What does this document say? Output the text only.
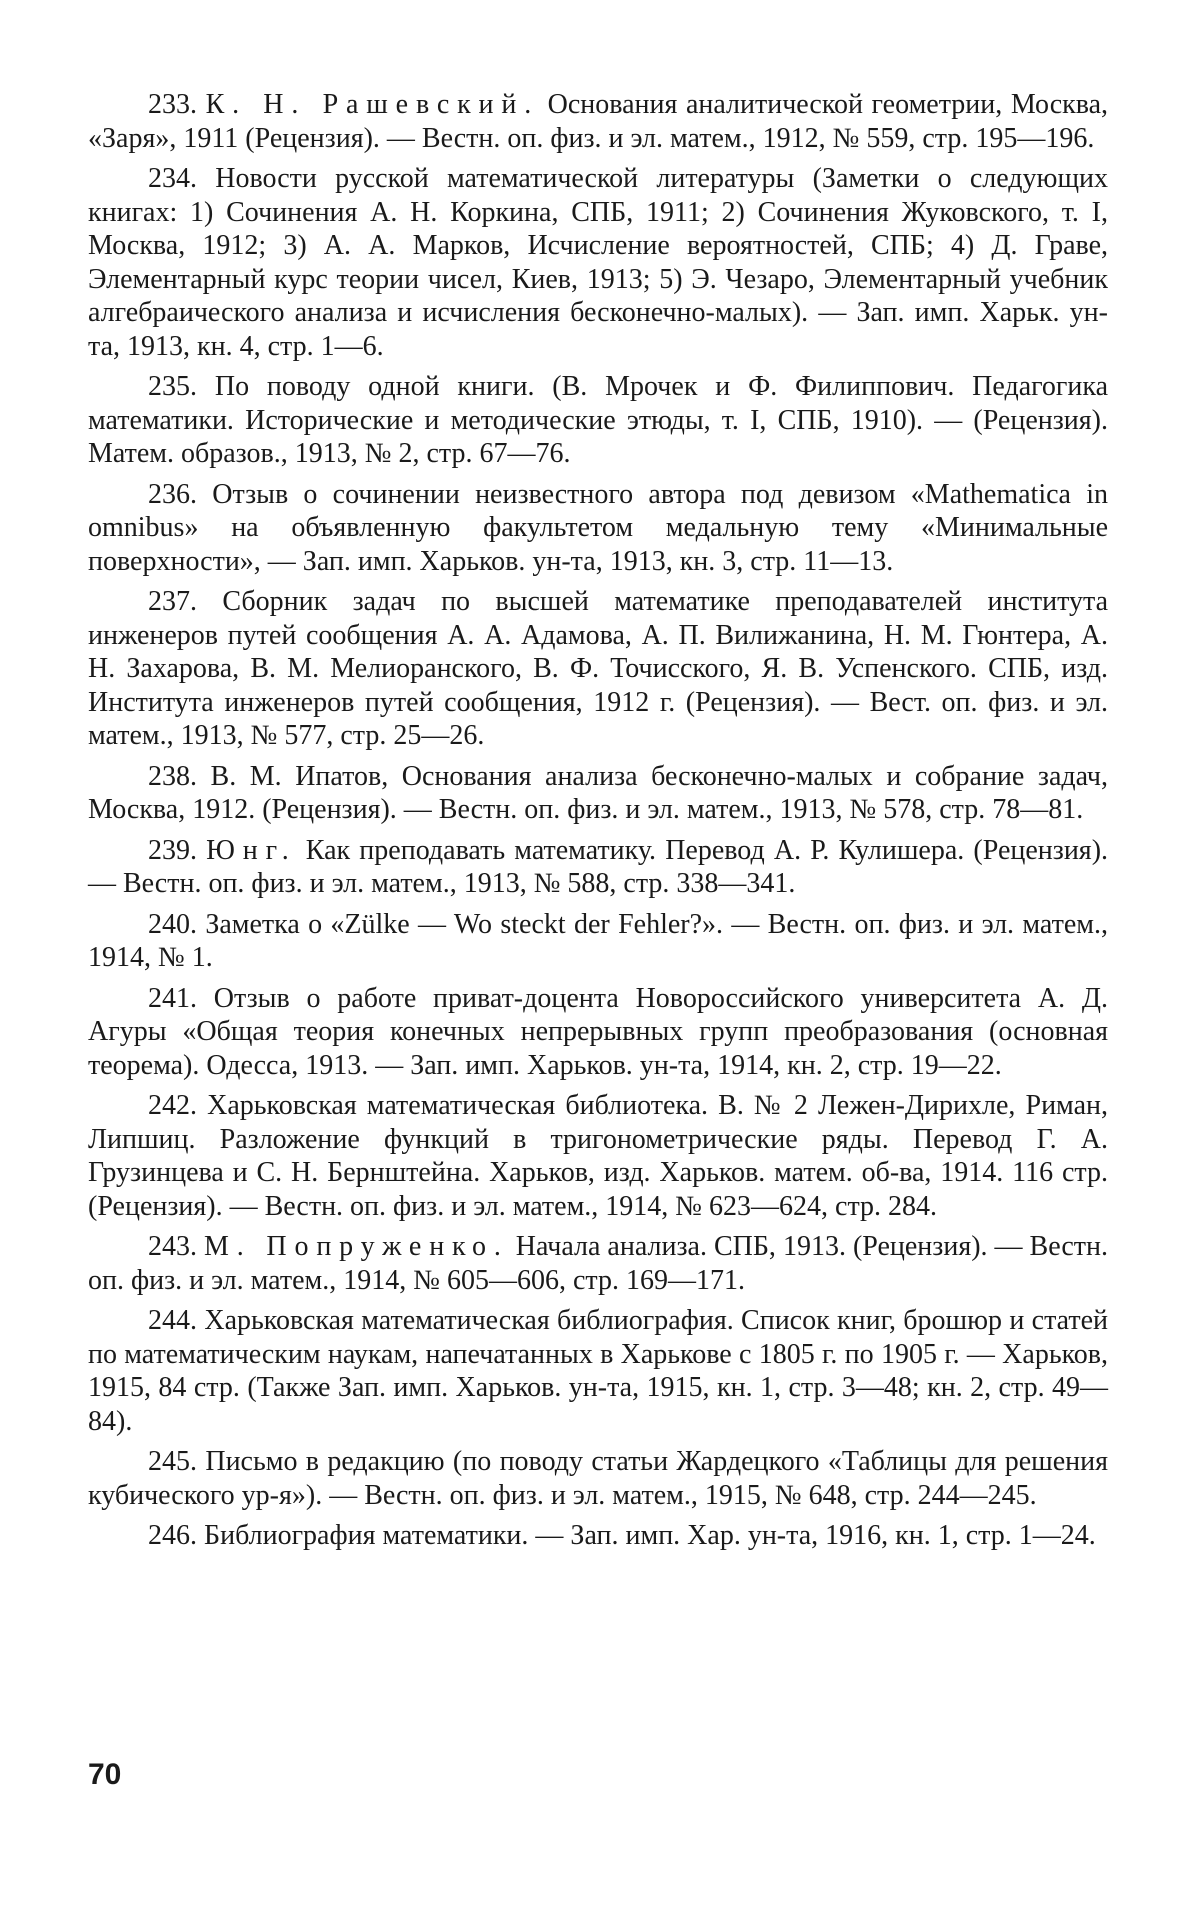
233. К. Н. Рашевский. Основания аналитической геометрии, Москва, «Заря», 1911 (Рецензия). — Вестн. оп. физ. и эл. матем., 1912, № 559, стр. 195—196.

234. Новости русской математической литературы (Заметки о следующих книгах: 1) Сочинения А. Н. Коркина, СПБ, 1911; 2) Сочинения Жуковского, т. I, Москва, 1912; 3) А. А. Марков, Исчисление вероятностей, СПБ; 4) Д. Граве, Элементарный курс теории чисел, Киев, 1913; 5) Э. Чезаро, Элементарный учебник алгебраического анализа и исчисления бесконечно-малых). — Зап. имп. Харьк. ун-та, 1913, кн. 4, стр. 1—6.

235. По поводу одной книги. (В. Мрочек и Ф. Филиппович. Педагогика математики. Исторические и методические этюды, т. I, СПБ, 1910). — (Рецензия). Матем. образов., 1913, № 2, стр. 67—76.

236. Отзыв о сочинении неизвестного автора под девизом «Mathematica in omnibus» на объявленную факультетом медальную тему «Минимальные поверхности», — Зап. имп. Харьков. ун-та, 1913, кн. 3, стр. 11—13.

237. Сборник задач по высшей математике преподавателей института инженеров путей сообщения А. А. Адамова, А. П. Вилижанина, Н. М. Гюнтера, А. Н. Захарова, В. М. Мелиоранского, В. Ф. Точисского, Я. В. Успенского. СПБ, изд. Института инженеров путей сообщения, 1912 г. (Рецензия). — Вест. оп. физ. и эл. матем., 1913, № 577, стр. 25—26.

238. В. М. Ипатов, Основания анализа бесконечно-малых и собрание задач, Москва, 1912. (Рецензия). — Вестн. оп. физ. и эл. матем., 1913, № 578, стр. 78—81.

239. Юнг. Как преподавать математику. Перевод А. Р. Кулишера. (Рецензия). — Вестн. оп. физ. и эл. матем., 1913, № 588, стр. 338—341.

240. Заметка о «Zülke — Wo steckt der Fehler?». — Вестн. оп. физ. и эл. матем., 1914, № 1.

241. Отзыв о работе приват-доцента Новороссийского университета А. Д. Агуры «Общая теория конечных непрерывных групп преобразования (основная теорема). Одесса, 1913. — Зап. имп. Харьков. ун-та, 1914, кн. 2, стр. 19—22.

242. Харьковская математическая библиотека. В. № 2 Лежен-Дирихле, Риман, Липшиц. Разложение функций в тригонометрические ряды. Перевод Г. А. Грузинцева и С. Н. Бернштейна. Харьков, изд. Харьков. матем. об-ва, 1914. 116 стр. (Рецензия). — Вестн. оп. физ. и эл. матем., 1914, № 623—624, стр. 284.

243. М. Попруженко. Начала анализа. СПБ, 1913. (Рецензия). — Вестн. оп. физ. и эл. матем., 1914, № 605—606, стр. 169—171.

244. Харьковская математическая библиография. Список книг, брошюр и статей по математическим наукам, напечатанных в Харькове с 1805 г. по 1905 г. — Харьков, 1915, 84 стр. (Также Зап. имп. Харьков. ун-та, 1915, кн. 1, стр. 3—48; кн. 2, стр. 49—84).

245. Письмо в редакцию (по поводу статьи Жардецкого «Таблицы для решения кубического ур-я»). — Вестн. оп. физ. и эл. матем., 1915, № 648, стр. 244—245.

246. Библиография математики. — Зап. имп. Хар. ун-та, 1916, кн. 1, стр. 1—24.

70
